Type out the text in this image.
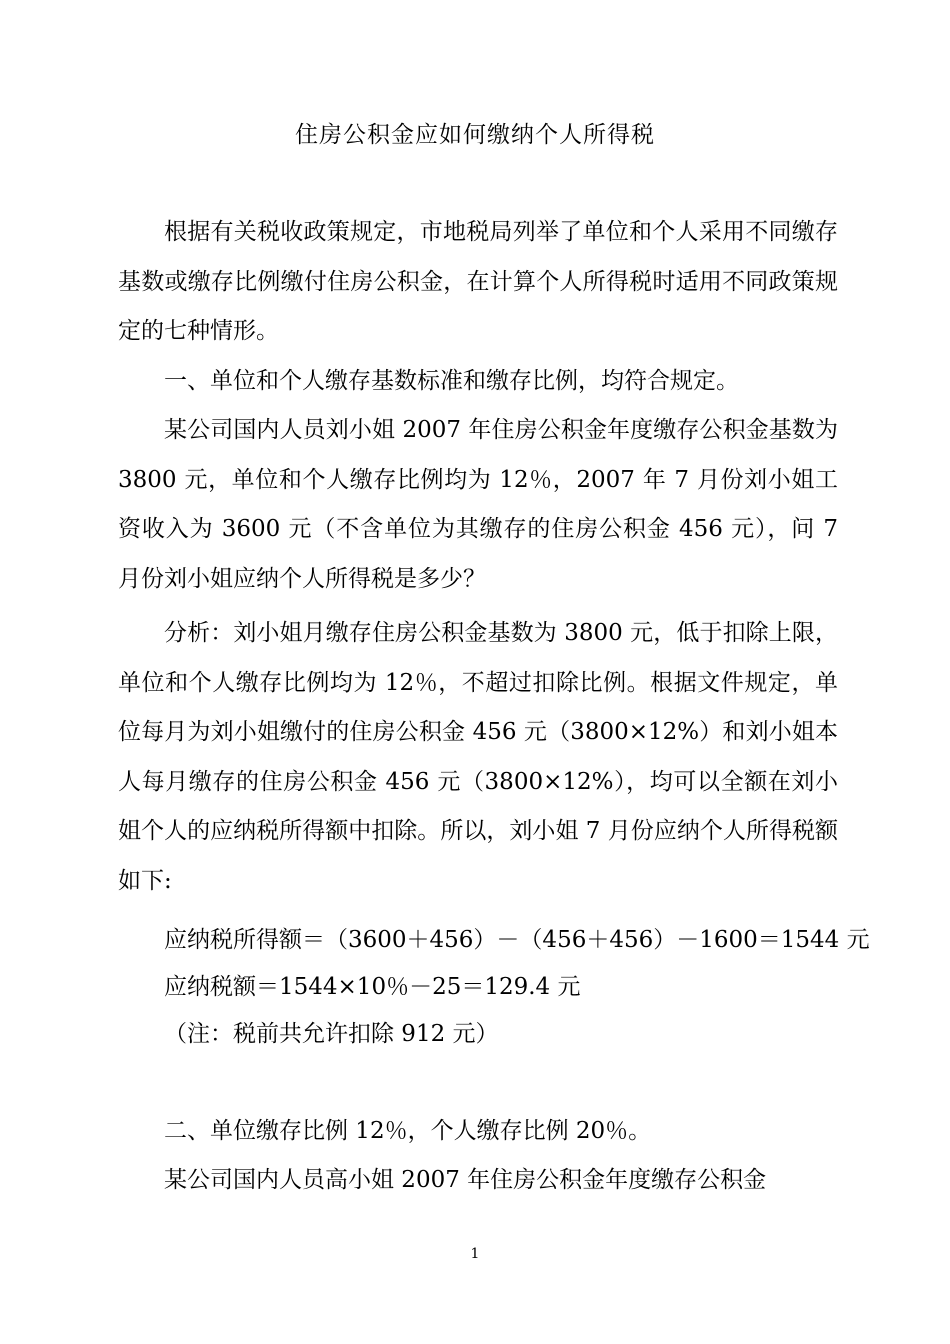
住房公积金应如何缴纳个人所得税

根据有关税收政策规定，市地税局列举了单位和个人采用不同缴存基数或缴存比例缴付住房公积金，在计算个人所得税时适用不同政策规定的七种情形。

一、单位和个人缴存基数标准和缴存比例，均符合规定。

某公司国内人员刘小姐 2007 年住房公积金年度缴存公积金基数为 3800 元，单位和个人缴存比例均为 12％，2007 年 7 月份刘小姐工资收入为 3600 元（不含单位为其缴存的住房公积金 456 元），问 7 月份刘小姐应纳个人所得税是多少？

分析：刘小姐月缴存住房公积金基数为 3800 元，低于扣除上限，单位和个人缴存比例均为 12％，不超过扣除比例。根据文件规定，单位每月为刘小姐缴付的住房公积金 456 元（3800×12%）和刘小姐本人每月缴存的住房公积金 456 元（3800×12%），均可以全额在刘小姐个人的应纳税所得额中扣除。所以，刘小姐 7 月份应纳个人所得税额如下:

应纳税所得额＝（3600＋456）－（456＋456）－1600＝1544 元

应纳税额＝1544×10％－25＝129.4 元

（注：税前共允许扣除 912 元）

二、单位缴存比例 12％，个人缴存比例 20％。

某公司国内人员高小姐 2007 年住房公积金年度缴存公积金

1
